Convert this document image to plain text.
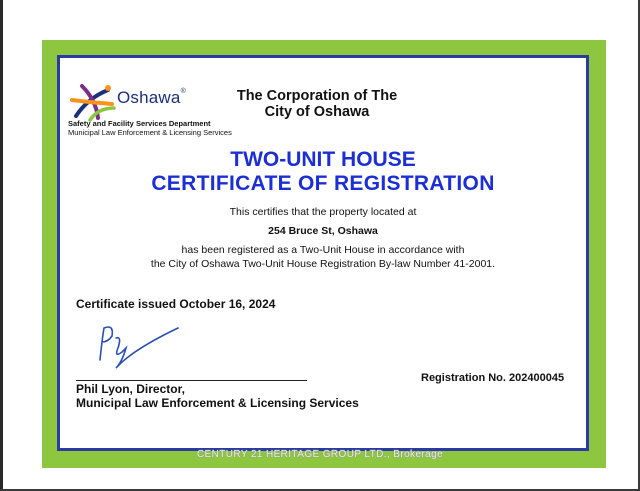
Oshawa®
Safety and Facility Services Department
Municipal Law Enforcement & Licensing Services
The Corporation of The
City of Oshawa
TWO-UNIT HOUSE
CERTIFICATE OF REGISTRATION
This certifies that the property located at
254 Bruce St, Oshawa
has been registered as a Two-Unit House in accordance with
the City of Oshawa Two-Unit House Registration By-law Number 41-2001.
Certificate issued October 16, 2024
Phil Lyon, Director,
Municipal Law Enforcement & Licensing Services
Registration No. 202400045
CENTURY 21 HERITAGE GROUP LTD., Brokerage
